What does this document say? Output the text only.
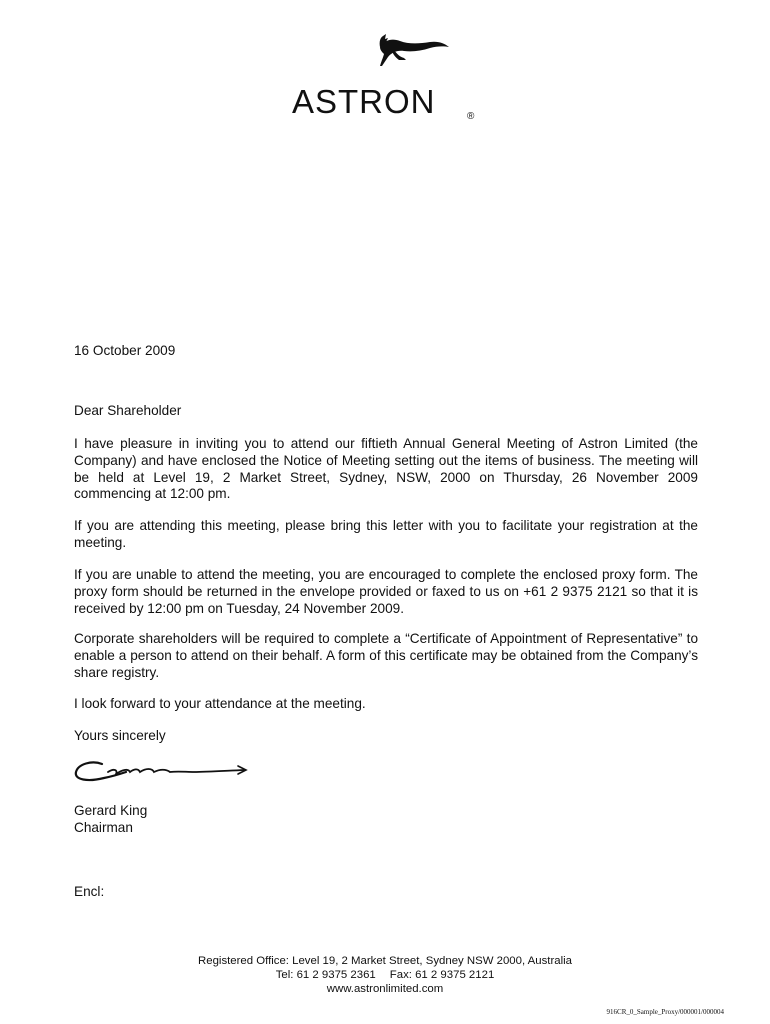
ASTRON	®
16 October 2009
Dear Shareholder

I have pleasure in inviting you to attend our fiftieth Annual General Meeting of Astron Limited (the Company) and have enclosed the Notice of Meeting setting out the items of business. The meeting will be held at Level 19, 2 Market Street, Sydney, NSW, 2000 on Thursday, 26 November 2009 commencing at 12:00 pm.

If you are attending this meeting, please bring this letter with you to facilitate your registration at the meeting.

If you are unable to attend the meeting, you are encouraged to complete the enclosed proxy form. The proxy form should be returned in the envelope provided or faxed to us on +61 2 9375 2121 so that it is received by 12:00 pm on Tuesday, 24 November 2009.

Corporate shareholders will be required to complete a “Certificate of Appointment of Representative” to enable a person to attend on their behalf. A form of this certificate may be obtained from the Company’s share registry.

I look forward to your attendance at the meeting.
Yours sincerely
Gerard King
Chairman
Encl:
Registered Office: Level 19, 2 Market Street, Sydney NSW 2000, Australia
Tel: 61 2 9375 2361 Fax: 61 2 9375 2121
www.astronlimited.com
916CR_0_Sample_Proxy/000001/000004
